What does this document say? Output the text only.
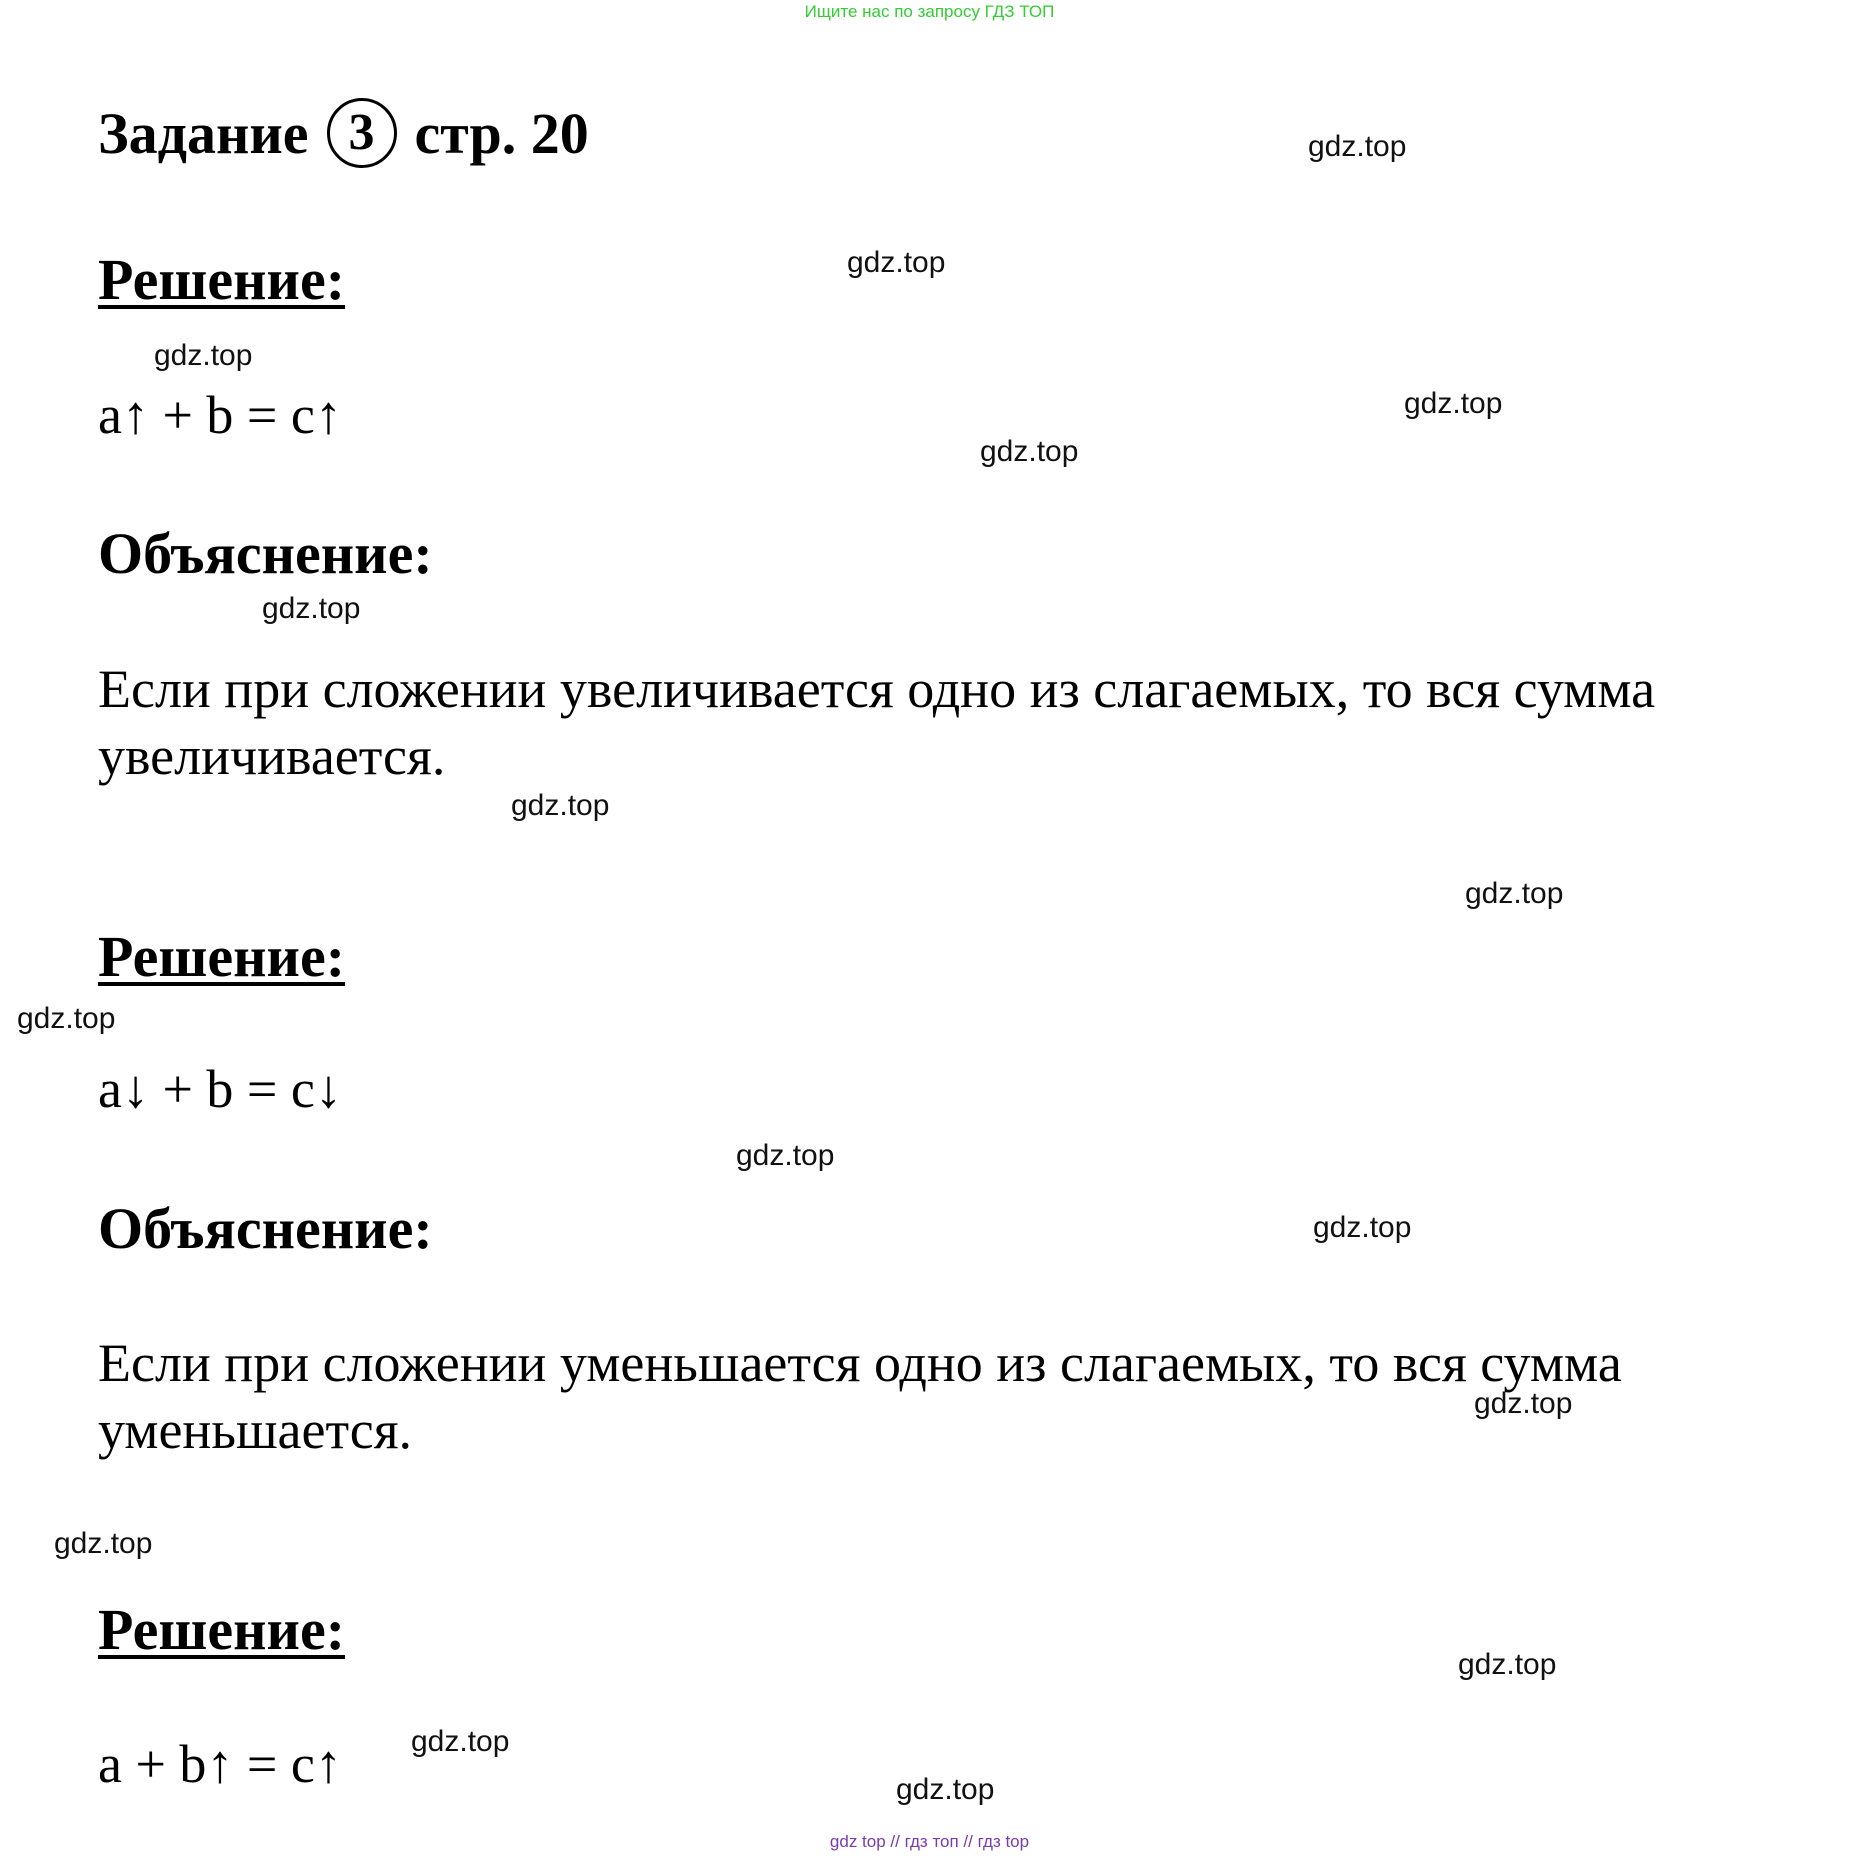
Ищите нас по запросу ГДЗ ТОП
Задание 3 стр. 20
Решение:
a↑ + b = c↑
Объяснение:
Если при сложении увеличивается одно из слагаемых, то вся сумма увеличивается.
Решение:
a↓ + b = c↓
Объяснение:
Если при сложении уменьшается одно из слагаемых, то вся сумма уменьшается.
Решение:
a + b↑ = c↑
gdz.top
gdz.top
gdz.top
gdz.top
gdz.top
gdz.top
gdz.top
gdz.top
gdz.top
gdz.top
gdz.top
gdz.top
gdz.top
gdz.top
gdz.top
gdz.top
gdz top // гдз топ // гдз top
